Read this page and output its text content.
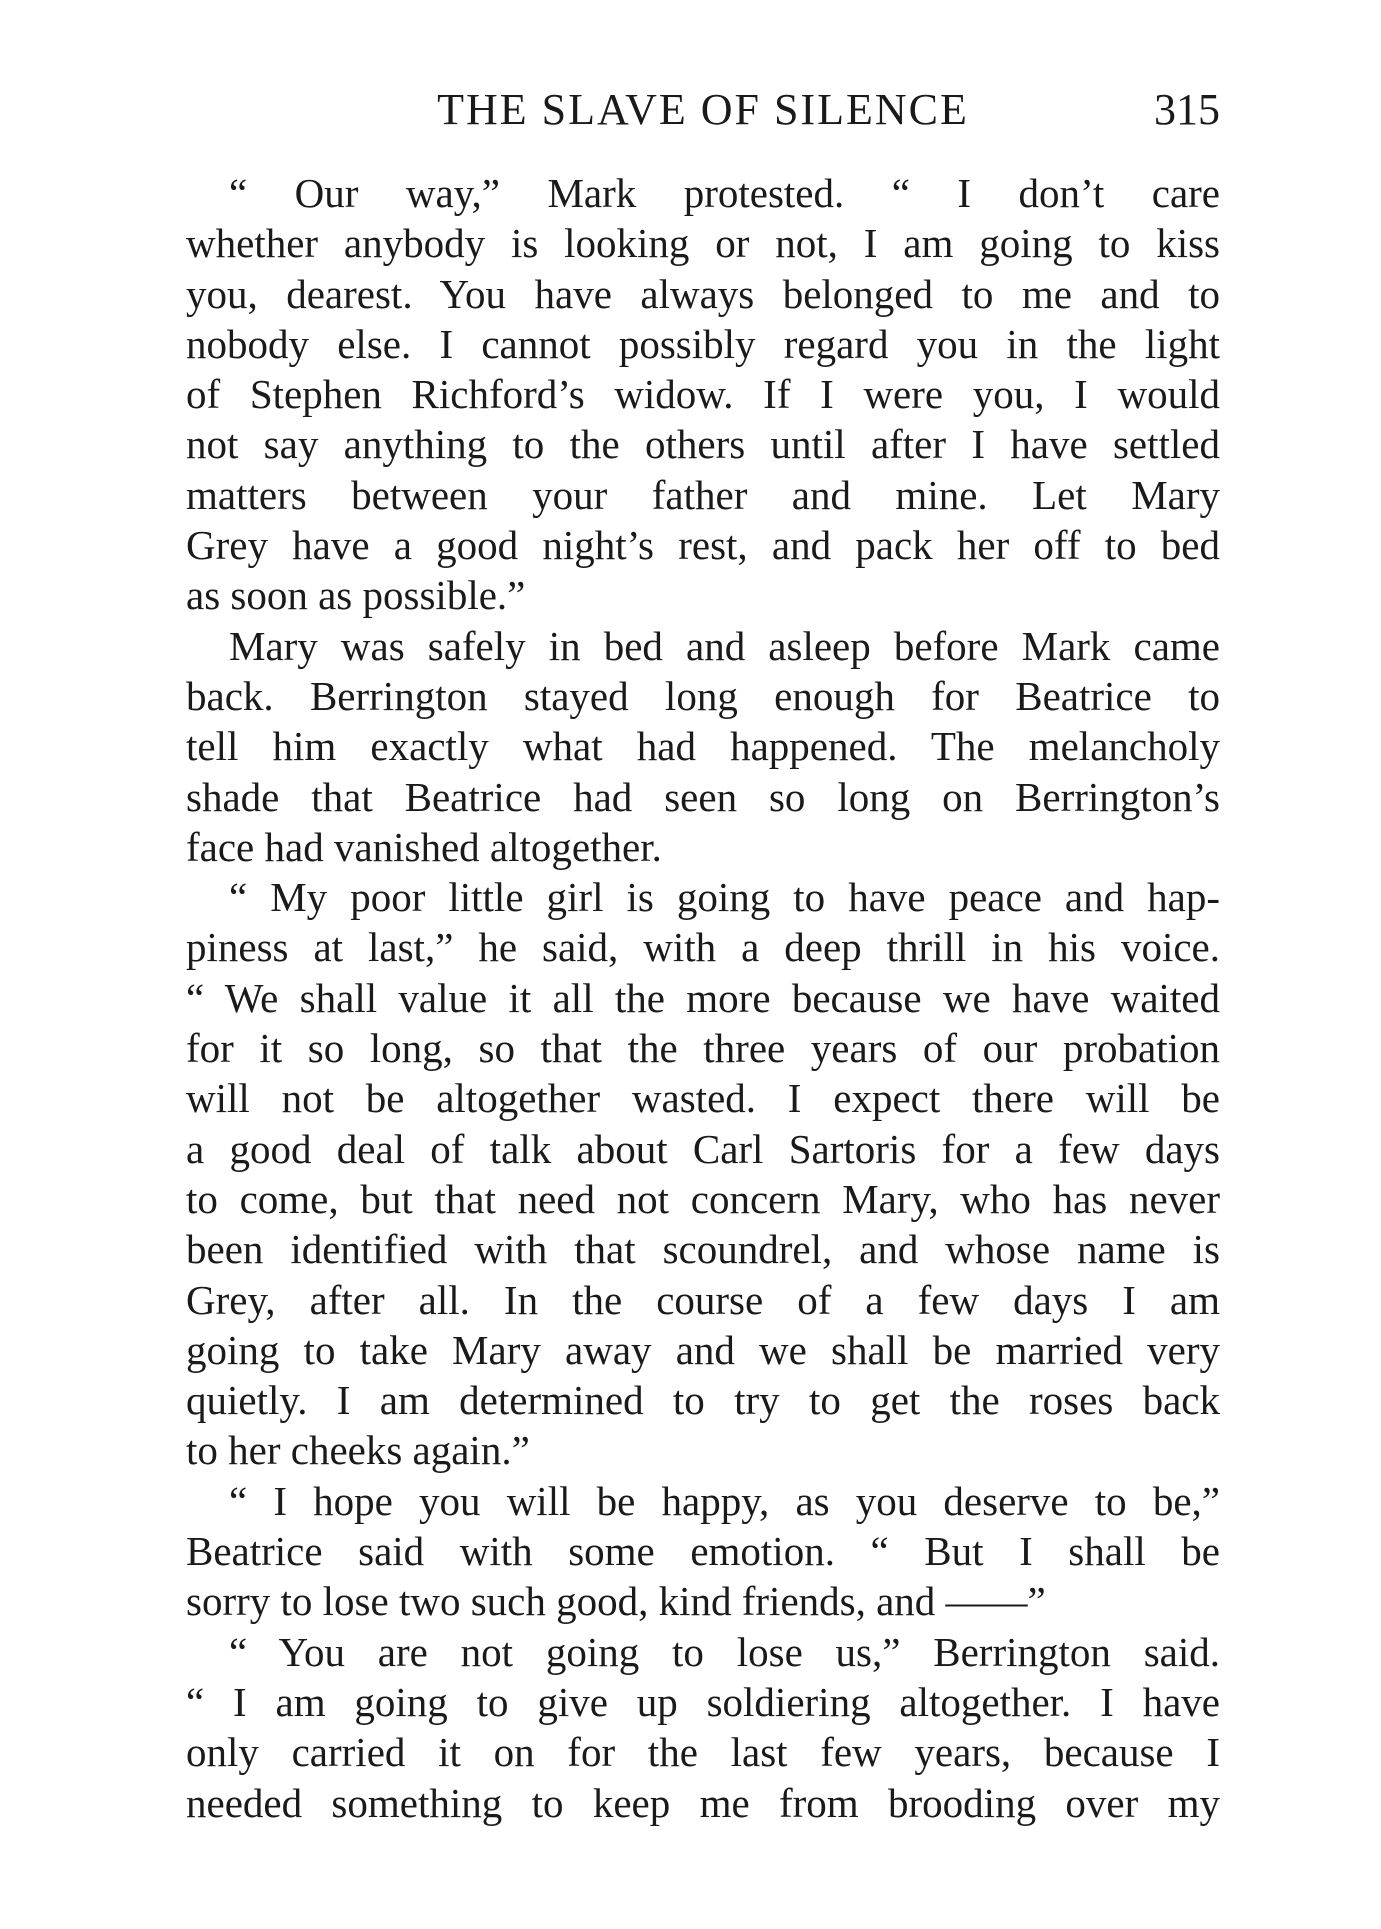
THE SLAVE OF SILENCE	315
“ Our way,” Mark protested. “ I don’t care
whether anybody is looking or not, I am going to kiss
you, dearest. You have always belonged to me and to
nobody else. I cannot possibly regard you in the light
of Stephen Richford’s widow. If I were you, I would
not say anything to the others until after I have settled
matters between your father and mine. Let Mary
Grey have a good night’s rest, and pack her off to bed
as soon as possible.”
Mary was safely in bed and asleep before Mark came
back. Berrington stayed long enough for Beatrice to
tell him exactly what had happened. The melancholy
shade that Beatrice had seen so long on Berrington’s
face had vanished altogether.
“ My poor little girl is going to have peace and hap-
piness at last,” he said, with a deep thrill in his voice.
“ We shall value it all the more because we have waited
for it so long, so that the three years of our probation
will not be altogether wasted. I expect there will be
a good deal of talk about Carl Sartoris for a few days
to come, but that need not concern Mary, who has never
been identified with that scoundrel, and whose name is
Grey, after all. In the course of a few days I am
going to take Mary away and we shall be married very
quietly. I am determined to try to get the roses back
to her cheeks again.”
“ I hope you will be happy, as you deserve to be,”
Beatrice said with some emotion. “ But I shall be
sorry to lose two such good, kind friends, and ——”
“ You are not going to lose us,” Berrington said.
“ I am going to give up soldiering altogether. I have
only carried it on for the last few years, because I
needed something to keep me from brooding over my
